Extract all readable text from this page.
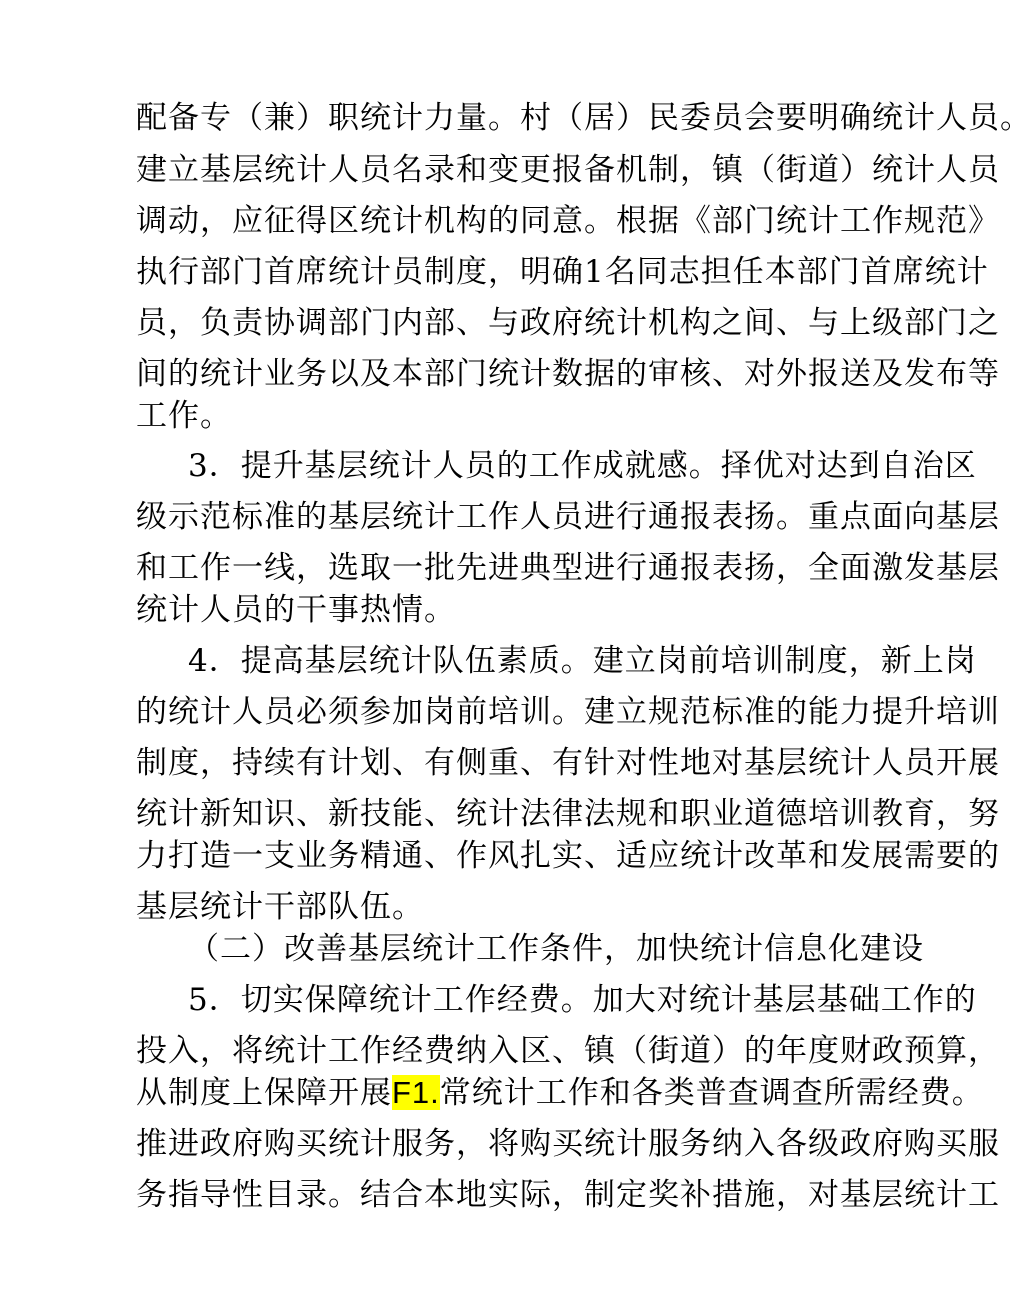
配备专（兼）职统计力量。村（居）民委员会要明确统计人员。
建立基层统计人员名录和变更报备机制，镇（街道）统计人员
调动，应征得区统计机构的同意。根据《部门统计工作规范》
执行部门首席统计员制度，明确1名同志担任本部门首席统计
员，负责协调部门内部、与政府统计机构之间、与上级部门之
间的统计业务以及本部门统计数据的审核、对外报送及发布等
工作。
3．提升基层统计人员的工作成就感。择优对达到自治区
级示范标准的基层统计工作人员进行通报表扬。重点面向基层
和工作一线，选取一批先进典型进行通报表扬，全面激发基层
统计人员的干事热情。
4．提高基层统计队伍素质。建立岗前培训制度，新上岗
的统计人员必须参加岗前培训。建立规范标准的能力提升培训
制度，持续有计划、有侧重、有针对性地对基层统计人员开展
统计新知识、新技能、统计法律法规和职业道德培训教育，努
力打造一支业务精通、作风扎实、适应统计改革和发展需要的
基层统计干部队伍。
（二）改善基层统计工作条件，加快统计信息化建设
5．切实保障统计工作经费。加大对统计基层基础工作的
投入，将统计工作经费纳入区、镇（街道）的年度财政预算，
从制度上保障开展F1.常统计工作和各类普查调查所需经费。
推进政府购买统计服务，将购买统计服务纳入各级政府购买服
务指导性目录。结合本地实际，制定奖补措施，对基层统计工
